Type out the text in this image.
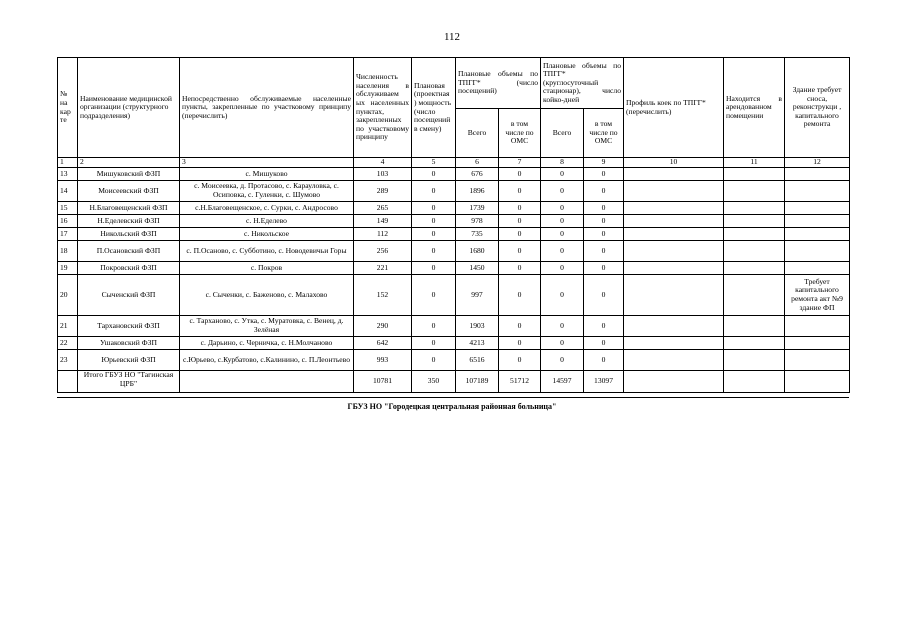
112
№ на кар те	Наименование медицинской организации (структурного подразделения)	Непосредственно обслуживаемые населенные пункты, закрепленные по участковому принципу (перечислить)	Численность населения в обслуживаем ых населенных пунктах, закрепленных по участковому принципу	Плановая (проектная ) мощность (число посещений в смену)	Плановые объемы по ТПГГ* (число посещений)		Плановые объемы по ТПГГ* (круглосуточный стационар), число койко-дней		Профиль коек по ТПГГ* (перечислить)	Находится в арендованном помещении	Здание требует сноса, реконструкци , капитального ремонта
					Всего	в том числе по ОМС	Всего	в том числе по ОМС			
1	2	3	4	5	6	7	8	9	10	11	12
13	Мишуковский ФЗП	с. Мишуково	103	0	676	0	0	0			
14	Моисеевский ФЗП	с. Моисеевка, д. Протасово, с. Карауловка, с. Осиповка, с. Гуленки, с. Шумово	289	0	1896	0	0	0			
15	Н.Благовещенский ФЗП	с.Н.Благовещенское, с. Сурки, с. Андросово	265	0	1739	0	0	0			
16	Н.Еделевский ФЗП	с. Н.Еделево	149	0	978	0	0	0			
17	Никольский ФЗП	с. Никольское	112	0	735	0	0	0			
18	П.Осановский ФЗП	с. П.Осаново, с. Субботино, с. Новодевичьи Горы	256	0	1680	0	0	0			
19	Покровский ФЗП	с. Покров	221	0	1450	0	0	0			
20	Сыченский ФЗП	с. Сыченки, с. Баженово, с. Малахово	152	0	997	0	0	0			Требует капитального ремонта акт №9 здание ФП
21	Тархановский ФЗП	с. Тарханово, с. Утка, с. Муратовка, с. Венец, д. Зелёная	290	0	1903	0	0	0			
22	Ушаковский ФЗП	с. Дарьино, с. Черничка, с. Н.Молчаново	642	0	4213	0	0	0			
23	Юрьевский ФЗП	с.Юрьево, с.Курбатово, с.Калинино, с. П.Леонтьево	993	0	6516	0	0	0			
	Итого ГБУЗ НО "Тагинская ЦРБ"		10781	350	107189	51712	14597	13097			
ГБУЗ НО "Городецкая центральная районная больница"
